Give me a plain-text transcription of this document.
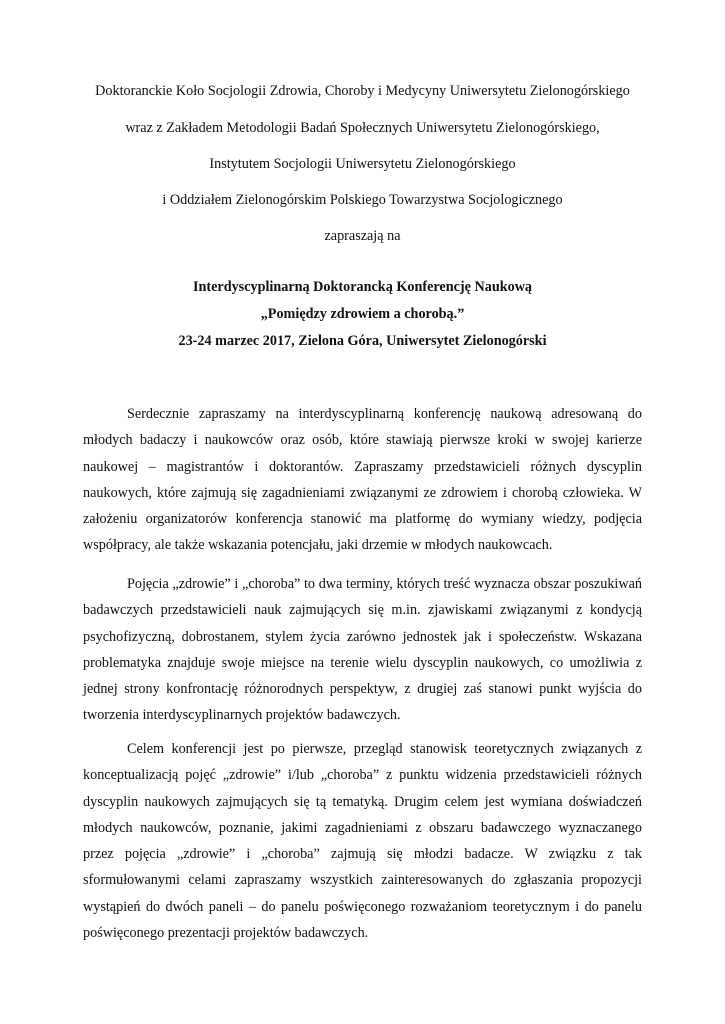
Doktoranckie Koło Socjologii Zdrowia, Choroby i Medycyny Uniwersytetu Zielonogórskiego
wraz z Zakładem Metodologii Badań Społecznych Uniwersytetu Zielonogórskiego,
Instytutem Socjologii Uniwersytetu Zielonogórskiego
i Oddziałem Zielonogórskim Polskiego Towarzystwa Socjologicznego
zapraszają na
Interdyscyplinarną Doktorancką Konferencję Naukową
„Pomiędzy zdrowiem a chorobą.”
23-24 marzec 2017, Zielona Góra, Uniwersytet Zielonogórski

Serdecznie zapraszamy na interdyscyplinarną konferencję naukową adresowaną do młodych badaczy i naukowców oraz osób, które stawiają pierwsze kroki w swojej karierze naukowej – magistrantów i doktorantów. Zapraszamy przedstawicieli różnych dyscyplin naukowych, które zajmują się zagadnieniami związanymi ze zdrowiem i chorobą człowieka. W założeniu organizatorów konferencja stanowić ma platformę do wymiany wiedzy, podjęcia współpracy, ale także wskazania potencjału, jaki drzemie w młodych naukowcach.

Pojęcia „zdrowie” i „choroba” to dwa terminy, których treść wyznacza obszar poszukiwań badawczych przedstawicieli nauk zajmujących się m.in. zjawiskami związanymi z kondycją psychofizyczną, dobrostanem, stylem życia zarówno jednostek jak i społeczeństw. Wskazana problematyka znajduje swoje miejsce na terenie wielu dyscyplin naukowych, co umożliwia z jednej strony konfrontację różnorodnych perspektyw, z drugiej zaś stanowi punkt wyjścia do tworzenia interdyscyplinarnych projektów badawczych.

Celem konferencji jest po pierwsze, przegląd stanowisk teoretycznych związanych z konceptualizacją pojęć „zdrowie” i/lub „choroba” z punktu widzenia przedstawicieli różnych dyscyplin naukowych zajmujących się tą tematyką. Drugim celem jest wymiana doświadczeń młodych naukowców, poznanie, jakimi zagadnieniami z obszaru badawczego wyznaczanego przez pojęcia „zdrowie” i „choroba” zajmują się młodzi badacze. W związku z tak sformułowanymi celami zapraszamy wszystkich zainteresowanych do zgłaszania propozycji wystąpień do dwóch paneli – do panelu poświęconego rozważaniom teoretycznym i do panelu poświęconego prezentacji projektów badawczych.
